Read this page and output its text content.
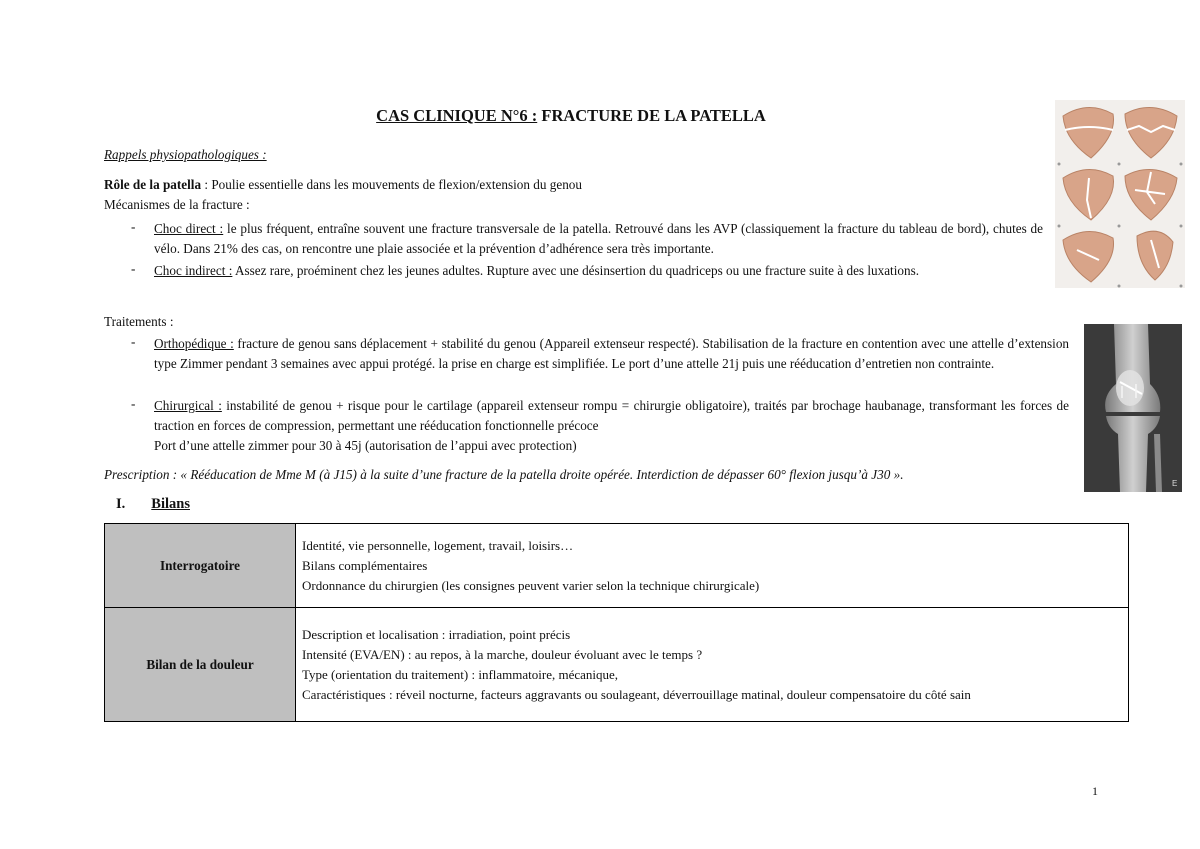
CAS CLINIQUE N°6 : FRACTURE DE LA PATELLA
Rappels physiopathologiques :
Rôle de la patella : Poulie essentielle dans les mouvements de flexion/extension du genou
Mécanismes de la fracture :
- Choc direct : le plus fréquent, entraîne souvent une fracture transversale de la patella. Retrouvé dans les AVP (classiquement la fracture du tableau de bord), chutes de vélo. Dans 21% des cas, on rencontre une plaie associée et la prévention d’adhérence sera très importante.
- Choc indirect : Assez rare, proéminent chez les jeunes adultes. Rupture avec une désinsertion du quadriceps ou une fracture suite à des luxations.
Traitements :
- Orthopédique : fracture de genou sans déplacement + stabilité du genou (Appareil extenseur respecté). Stabilisation de la fracture en contention avec une attelle d’extension type Zimmer pendant 3 semaines avec appui protégé. la prise en charge est simplifiée. Le port d’une attelle 21j puis une rééducation d’entretien non contrainte.
- Chirurgical : instabilité de genou + risque pour le cartilage (appareil extenseur rompu = chirurgie obligatoire), traités par brochage haubanage, transformant les forces de traction en forces de compression, permettant une rééducation fonctionnelle précoce
Port d’une attelle zimmer pour 30 à 45j (autorisation de l’appui avec protection)
Prescription : « Rééducation de Mme M (à J15) à la suite d’une fracture de la patella droite opérée. Interdiction de dépasser 60° flexion jusqu’à J30 ».
I. Bilans
Interrogatoire	Identité, vie personnelle, logement, travail, loisirs…
Bilans complémentaires
Ordonnance du chirurgien (les consignes peuvent varier selon la technique chirurgicale)

Bilan de la douleur	Description et localisation : irradiation, point précis
Intensité (EVA/EN) : au repos, à la marche, douleur évoluant avec le temps ?
Type (orientation du traitement) : inflammatoire, mécanique,
Caractéristiques : réveil nocturne, facteurs aggravants ou soulageant, déverrouillage matinal, douleur compensatoire du côté sain
E
1
